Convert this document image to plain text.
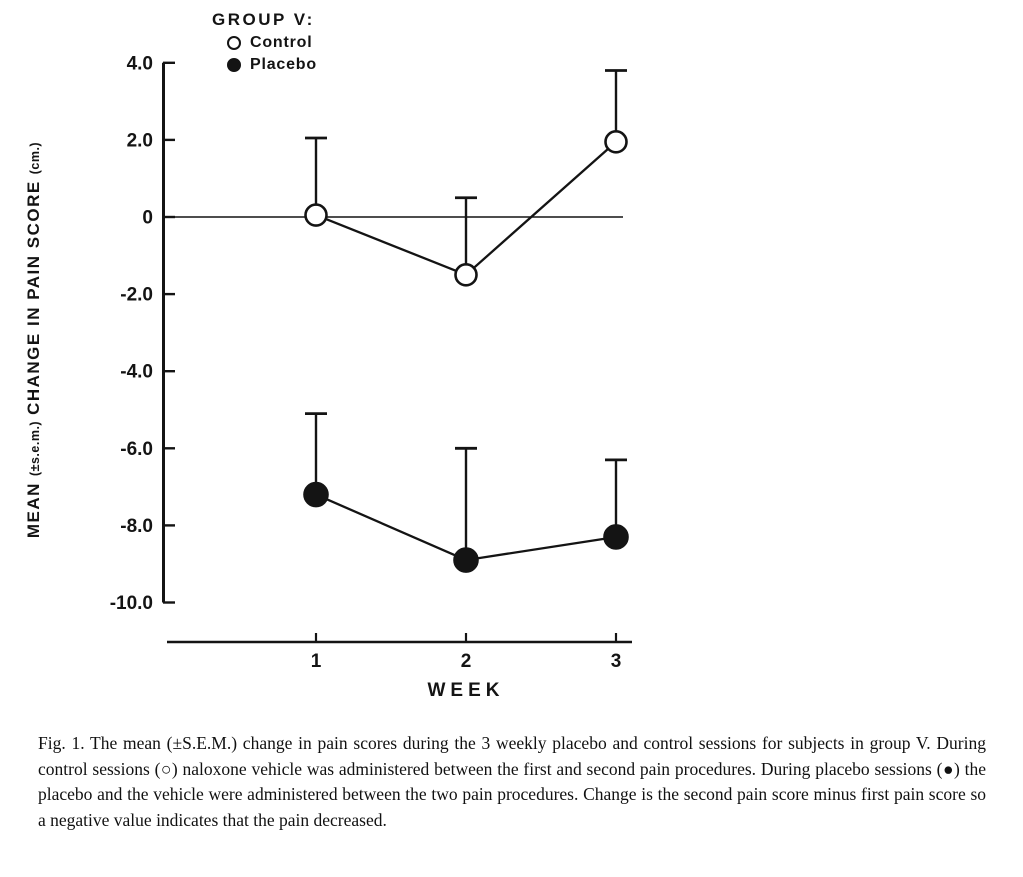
GROUP V:
Control
Placebo
MEAN(±s.e.m.)CHANGE IN PAIN SCORE(cm.)
4.0
2.0
0
-2.0
-4.0
-6.0
-8.0
-10.0
1	2	3
WEEK

Fig. 1. The mean (±S.E.M.) change in pain scores during the 3 weekly placebo and control sessions for subjects in group V. During control sessions (○) naloxone vehicle was administered between the first and second pain procedures. During placebo sessions (●) the placebo and the vehicle were administered between the two pain procedures. Change is the second pain score minus first pain score so a negative value indicates that the pain decreased.
